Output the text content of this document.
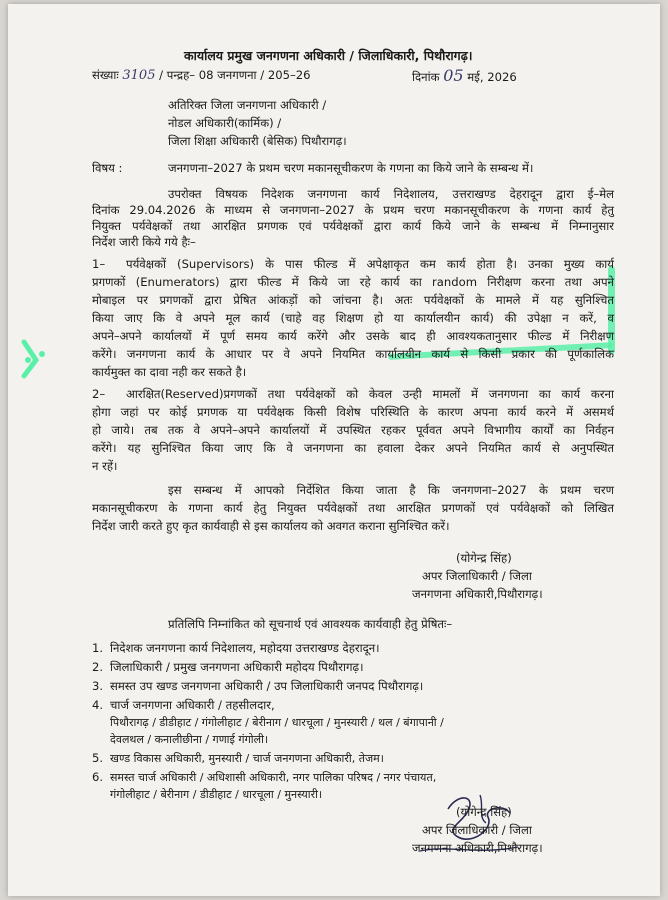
कार्यालय प्रमुख जनगणना अधिकारी / जिलाधिकारी, पिथौरागढ़।
संख्याः 3105 / पन्द्रह– 08 जनगणना / 205–26	दिनांक 05 मई, 2026
अतिरिक्त जिला जनगणना अधिकारी /
नोडल अधिकारी(कार्मिक) /
जिला शिक्षा अधिकारी (बेसिक) पिथौरागढ़।
विषय :	जनगणना–2027 के प्रथम चरण मकानसूचीकरण के गणना का किये जाने के सम्बन्ध में।
उपरोक्त विषयक निदेशक जनगणना कार्य निदेशालय, उत्तराखण्ड देहरादून द्वारा ई–मेल
दिनांक 29.04.2026 के माध्यम से जनगणना–2027 के प्रथम चरण मकानसूचीकरण के गणना कार्य हेतु
नियुक्त पर्यवेक्षकों तथा आरक्षित प्रगणक एवं पर्यवेक्षकों द्वारा कार्य किये जाने के सम्बन्ध में निम्नानुसार
निर्देश जारी किये गये हैः–
1– पर्यवेक्षकों (Supervisors) के पास फील्ड में अपेक्षाकृत कम कार्य होता है। उनका मुख्य कार्य
प्रगणकों (Enumerators) द्वारा फील्ड में किये जा रहे कार्य का random निरीक्षण करना तथा अपने
मोबाइल पर प्रगणकों द्वारा प्रेषित आंकड़ों को जांचना है। अतः पर्यवेक्षकों के मामले में यह सुनिश्चित
किया जाए कि वे अपने मूल कार्य (चाहे वह शिक्षण हो या कार्यालयीन कार्य) की उपेक्षा न करें, व
अपने–अपने कार्यालयों में पूर्ण समय कार्य करेंगे और उसके बाद ही आवश्यकतानुसार फील्ड में निरीक्षण
करेंगे। जनगणना कार्य के आधार पर वे अपने नियमित कार्यालयीन कार्य से किसी प्रकार की पूर्णकालिक
कार्यमुक्त का दावा नही कर सकते है।
2– आरक्षित(Reserved)प्रगणकों तथा पर्यवेक्षकों को केवल उन्ही मामलों में जनगणना का कार्य करना
होगा जहां पर कोई प्रगणक या पर्यवेक्षक किसी विशेष परिस्थिति के कारण अपना कार्य करने में असमर्थ
हो जाये। तब तक वे अपने–अपने कार्यालयों में उपस्थित रहकर पूर्ववत अपने विभागीय कार्यों का निर्वहन
करेंगे। यह सुनिश्चित किया जाए कि वे जनगणना का हवाला देकर अपने नियमित कार्य से अनुपस्थित
न रहें।
इस सम्बन्ध में आपको निर्देशित किया जाता है कि जनगणना–2027 के प्रथम चरण
मकानसूचीकरण के गणना कार्य हेतु नियुक्त पर्यवेक्षकों तथा आरक्षित प्रगणकों एवं पर्यवेक्षकों को लिखित
निर्देश जारी करते हुए कृत कार्यवाही से इस कार्यालय को अवगत कराना सुनिश्चित करें।
(योगेन्द्र सिंह)
अपर जिलाधिकारी / जिला
जनगणना अधिकारी,पिथौरागढ़।
प्रतिलिपि निम्नांकित को सूचनार्थ एवं आवश्यक कार्यवाही हेतु प्रेषितः–
1. निदेशक जनगणना कार्य निदेशालय, महोदया उत्तराखण्ड देहरादून।
2. जिलाधिकारी / प्रमुख जनगणना अधिकारी महोदय पिथौरागढ़।
3. समस्त उप खण्ड जनगणना अधिकारी / उप जिलाधिकारी जनपद पिथौरागढ़।
4. चार्ज जनगणना अधिकारी / तहसीलदार,
पिथौरागढ़ / डीडीहाट / गंगोलीहाट / बेरीनाग / धारचूला / मुनस्यारी / थल / बंगापानी /
देवलथल / कनालीछीना / गणाई गंगोली।
5. खण्ड विकास अधिकारी, मुनस्यारी / चार्ज जनगणना अधिकारी, तेजम।
6. समस्त चार्ज अधिकारी / अधिशासी अधिकारी, नगर पालिका परिषद / नगर पंचायत,
गंगोलीहाट / बेरीनाग / डीडीहाट / धारचूला / मुनस्यारी।
(योगेन्द्र सिंह)
अपर जिलाधिकारी / जिला
जनगणना अधिकारी,पिथौरागढ़।
